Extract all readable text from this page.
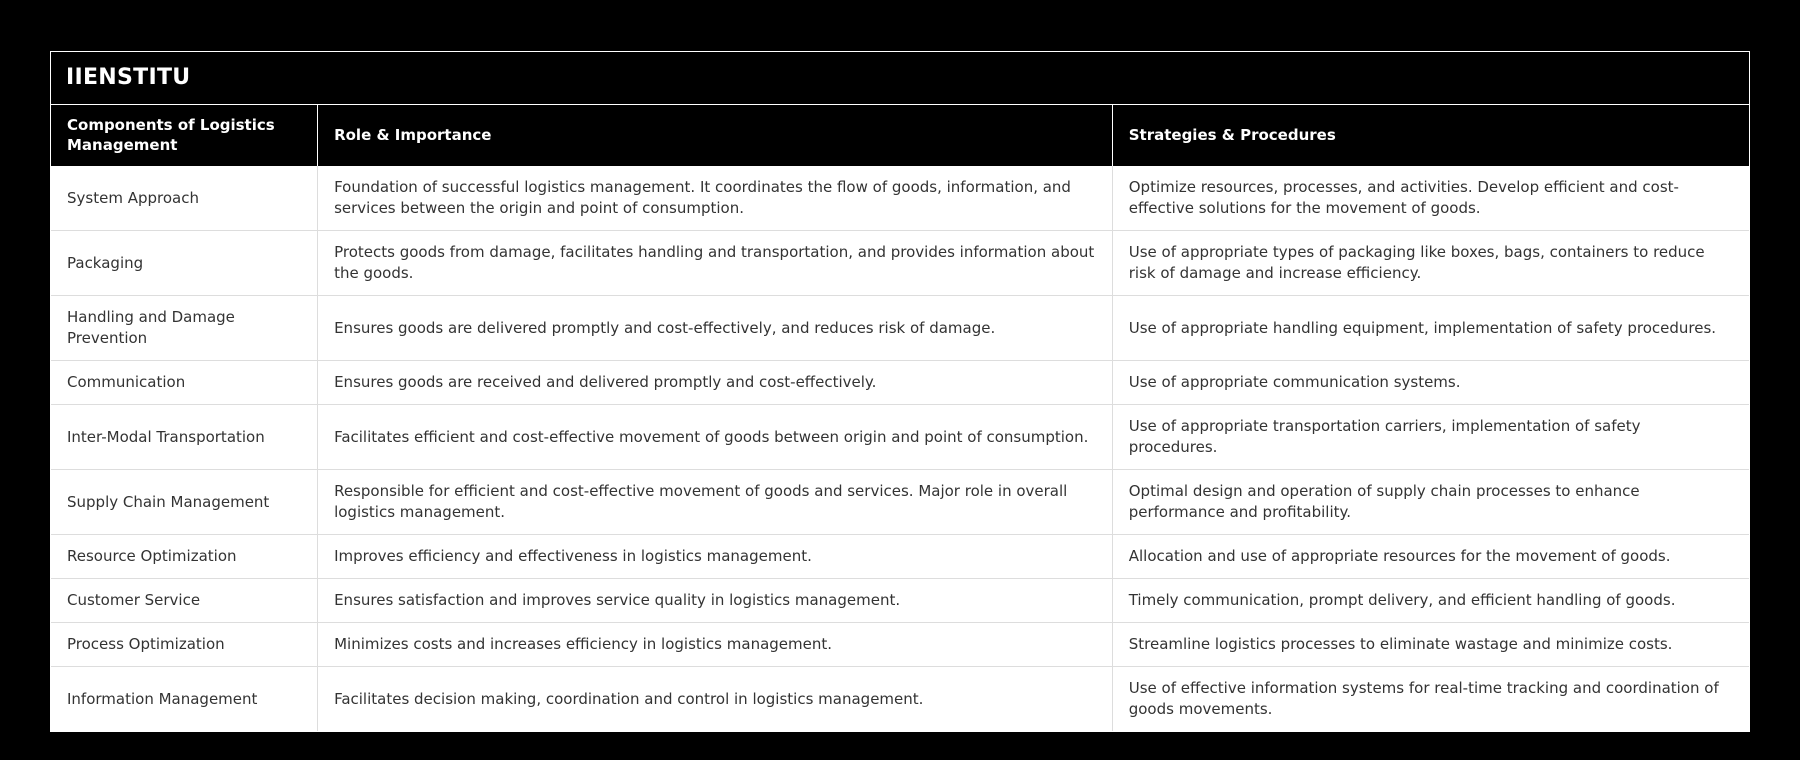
IIENSTITU
Components of Logistics Management	Role & Importance	Strategies & Procedures
System Approach	Foundation of successful logistics management. It coordinates the flow of goods, information, and services between the origin and point of consumption.	Optimize resources, processes, and activities. Develop efficient and cost-effective solutions for the movement of goods.
Packaging	Protects goods from damage, facilitates handling and transportation, and provides information about the goods.	Use of appropriate types of packaging like boxes, bags, containers to reduce risk of damage and increase efficiency.
Handling and Damage Prevention	Ensures goods are delivered promptly and cost-effectively, and reduces risk of damage.	Use of appropriate handling equipment, implementation of safety procedures.
Communication	Ensures goods are received and delivered promptly and cost-effectively.	Use of appropriate communication systems.
Inter-Modal Transportation	Facilitates efficient and cost-effective movement of goods between origin and point of consumption.	Use of appropriate transportation carriers, implementation of safety procedures.
Supply Chain Management	Responsible for efficient and cost-effective movement of goods and services. Major role in overall logistics management.	Optimal design and operation of supply chain processes to enhance performance and profitability.
Resource Optimization	Improves efficiency and effectiveness in logistics management.	Allocation and use of appropriate resources for the movement of goods.
Customer Service	Ensures satisfaction and improves service quality in logistics management.	Timely communication, prompt delivery, and efficient handling of goods.
Process Optimization	Minimizes costs and increases efficiency in logistics management.	Streamline logistics processes to eliminate wastage and minimize costs.
Information Management	Facilitates decision making, coordination and control in logistics management.	Use of effective information systems for real-time tracking and coordination of goods movements.
